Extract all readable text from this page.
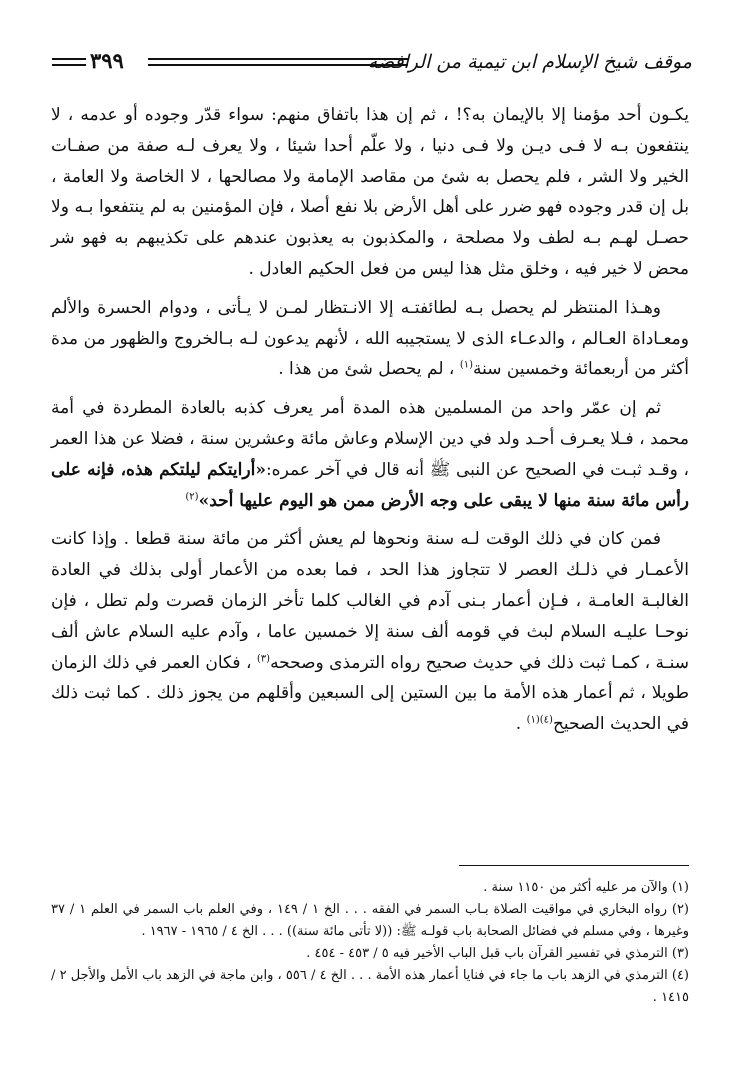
موقف شيخ الإسلام ابن تيمية من الرافضة
٣٩٩

يكـون أحد مؤمنا إلا بالإيمان به؟! ، ثم إن هذا باتفاق منهم: سواء قدّر وجوده أو عدمه ، لا ينتفعون بـه لا فـى ديـن ولا فـى دنيا ، ولا علّم أحدا شيئا ، ولا يعرف لـه صفة من صفـات الخير ولا الشر ، فلم يحصل به شئ من مقاصد الإمامة ولا مصالحها ، لا الخاصة ولا العامة ، بل إن قدر وجوده فهو ضرر على أهل الأرض بلا نفع أصلا ، فإن المؤمنين به لم ينتفعوا بـه ولا حصـل لهـم بـه لطف ولا مصلحة ، والمكذبون به يعذبون عندهم على تكذيبهم به فهو شر محض لا خير فيه ، وخلق مثل هذا ليس من فعل الحكيم العادل .

وهـذا المنتظر لم يحصل بـه لطائفتـه إلا الانـتظار لمـن لا يـأتى ، ودوام الحسرة والألم ومعـاداة العـالم ، والدعـاء الذى لا يستجيبه الله ، لأنهم يدعون لـه بـالخروج والظهور من مدة أكثر من أربعمائة وخمسين سنة$^{(١)}$ ، لم يحصل شئ من هذا .

ثم إن عمّر واحد من المسلمين هذه المدة أمر يعرف كذبه بالعادة المطردة في أمة محمد ، فـلا يعـرف أحـد ولد في دين الإسلام وعاش مائة وعشرين سنة ، فضلا عن هذا العمر ، وقـد ثبـت في الصحيح عن النبى ﷺ أنه قال في آخر عمره:«أرايتكم ليلتكم هذه، فإنه على رأس مائة سنة منها لا يبقى على وجه الأرض ممن هو اليوم عليها أحد»$^{(٢)}$

فمن كان في ذلك الوقت لـه سنة ونحوها لم يعش أكثر من مائة سنة قطعا . وإذا كانت الأعمـار في ذلـك العصر لا تتجاوز هذا الحد ، فما بعده من الأعمار أولى بذلك في العادة الغالبـة العامـة ، فـإن أعمار بـنى آدم في الغالب كلما تأخر الزمان قصرت ولم تطل ، فإن نوحـا عليـه السلام لبث في قومه ألف سنة إلا خمسين عاما ، وآدم عليه السلام عاش ألف سنـة ، كمـا ثبت ذلك في حديث صحيح رواه الترمذى وصححه$^{(٣)}$ ، فكان العمر في ذلك الزمان طويلا ، ثم أعمار هذه الأمة ما بين الستين إلى السبعين وأقلهم من يجوز ذلك . كما ثبت ذلك في الحديث الصحيح$^{(٤)(١)}$ .

(١) والآن مر عليه أكثر من ١١٥٠ سنة .

(٢) رواه البخاري في مواقيت الصلاة بـاب السمر في الفقه . . . الخ ١ / ١٤٩ ، وفي العلم باب السمر في العلم ١ / ٣٧ وغيرها ، وفي مسلم في فضائل الصحابة باب قولـه ﷺ: ((لا تأتى مائة سنة)) . . . الخ ٤ / ١٩٦٥ - ١٩٦٧ .

(٣) الترمذي في تفسير القرآن باب قبل الباب الأخير فيه ٥ / ٤٥٣ - ٤٥٤ .

(٤) الترمذي في الزهد باب ما جاء في فنايا أعمار هذه الأمة . . . الخ ٤ / ٥٥٦ ، وابن ماجة في الزهد باب الأمل والأجل ٢ / ١٤١٥ .
